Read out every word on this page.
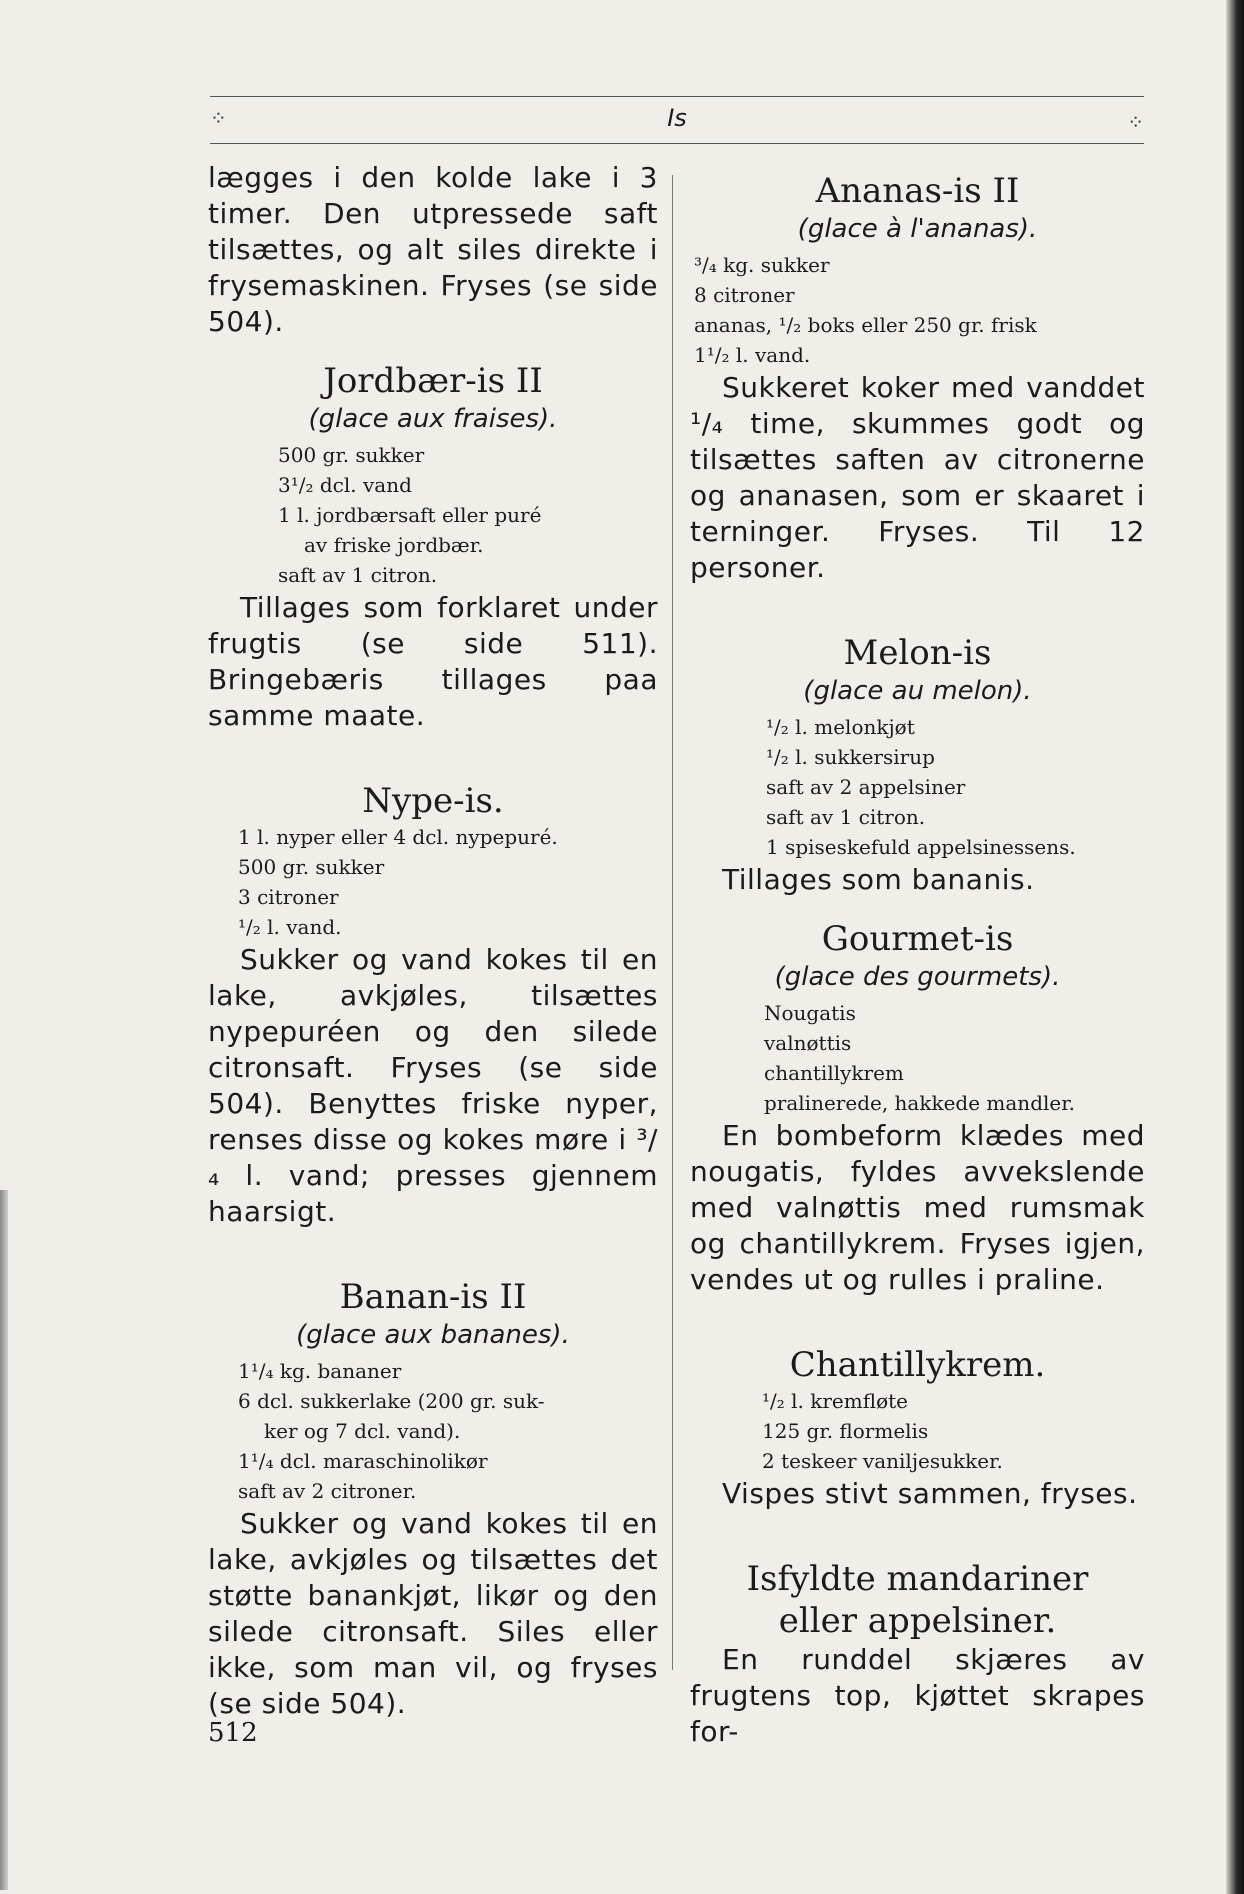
⁘	Is	⁘

lægges i den kolde lake i 3 timer. Den utpressede saft tilsættes, og alt siles direkte i frysemaskinen. Fryses (se side 504).

Jordbær-is II

(glace aux fraises).

500 gr. sukker
3¹/₂ dcl. vand
1 l. jordbærsaft eller puré
av friske jordbær.
saft av 1 citron.

Tillages som forklaret under frugtis (se side 511). Bringebæris tillages paa samme maate.

Nype-is.
1 l. nyper eller 4 dcl. nypepuré.
500 gr. sukker
3 citroner
¹/₂ l. vand.

Sukker og vand kokes til en lake, avkjøles, tilsættes nypepuréen og den silede citronsaft. Fryses (se side 504). Benyttes friske nyper, renses disse og kokes møre i ³/₄ l. vand; presses gjennem haarsigt.

Banan-is II

(glace aux bananes).

1¹/₄ kg. bananer
6 dcl. sukkerlake (200 gr. suk-
ker og 7 dcl. vand).
1¹/₄ dcl. maraschinolikør
saft av 2 citroner.

Sukker og vand kokes til en lake, avkjøles og tilsættes det støtte banankjøt, likør og den silede citronsaft. Siles eller ikke, som man vil, og fryses (se side 504).

Ananas-is II

(glace à l'ananas).

³/₄ kg. sukker
8 citroner
ananas, ¹/₂ boks eller 250 gr. frisk
1¹/₂ l. vand.

Sukkeret koker med vanddet ¹/₄ time, skummes godt og tilsættes saften av citronerne og ananasen, som er skaaret i terninger. Fryses. Til 12 personer.

Melon-is

(glace au melon).

¹/₂ l. melonkjøt
¹/₂ l. sukkersirup
saft av 2 appelsiner
saft av 1 citron.
1 spiseskefuld appelsinessens.

Tillages som bananis.

Gourmet-is

(glace des gourmets).

Nougatis
valnøttis
chantillykrem
pralinerede, hakkede mandler.

En bombeform klædes med nougatis, fyldes avvekslende med valnøttis med rumsmak og chantillykrem. Fryses igjen, vendes ut og rulles i praline.

Chantillykrem.
¹/₂ l. kremfløte
125 gr. flormelis
2 teskeer vaniljesukker.

Vispes stivt sammen, fryses.

Isfyldte mandariner
eller appelsiner.

En runddel skjæres av frugtens top, kjøttet skrapes for-

512
